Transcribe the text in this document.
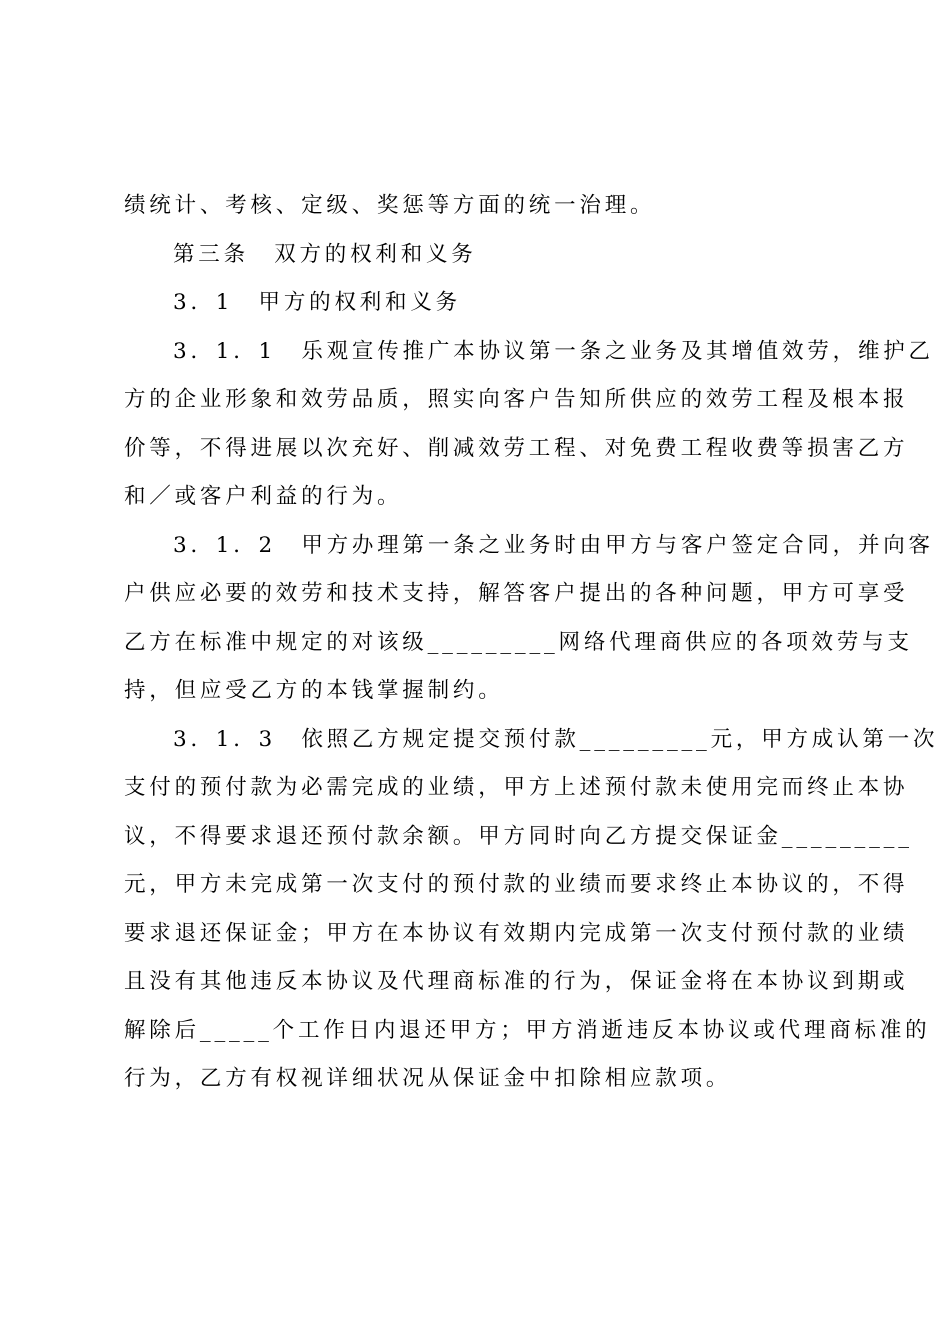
绩统计、考核、定级、奖惩等方面的统一治理。
第三条　双方的权利和义务
3．1　甲方的权利和义务
3．1．1　乐观宣传推广本协议第一条之业务及其增值效劳，维护乙
方的企业形象和效劳品质，照实向客户告知所供应的效劳工程及根本报
价等，不得进展以次充好、削减效劳工程、对免费工程收费等损害乙方
和／或客户利益的行为。
3．1．2　甲方办理第一条之业务时由甲方与客户签定合同，并向客
户供应必要的效劳和技术支持，解答客户提出的各种问题，甲方可享受
乙方在标准中规定的对该级_________网络代理商供应的各项效劳与支
持，但应受乙方的本钱掌握制约。
3．1．3　依照乙方规定提交预付款_________元，甲方成认第一次
支付的预付款为必需完成的业绩，甲方上述预付款未使用完而终止本协
议，不得要求退还预付款余额。甲方同时向乙方提交保证金_________
元，甲方未完成第一次支付的预付款的业绩而要求终止本协议的，不得
要求退还保证金；甲方在本协议有效期内完成第一次支付预付款的业绩
且没有其他违反本协议及代理商标准的行为，保证金将在本协议到期或
解除后_____个工作日内退还甲方；甲方消逝违反本协议或代理商标准的
行为，乙方有权视详细状况从保证金中扣除相应款项。
